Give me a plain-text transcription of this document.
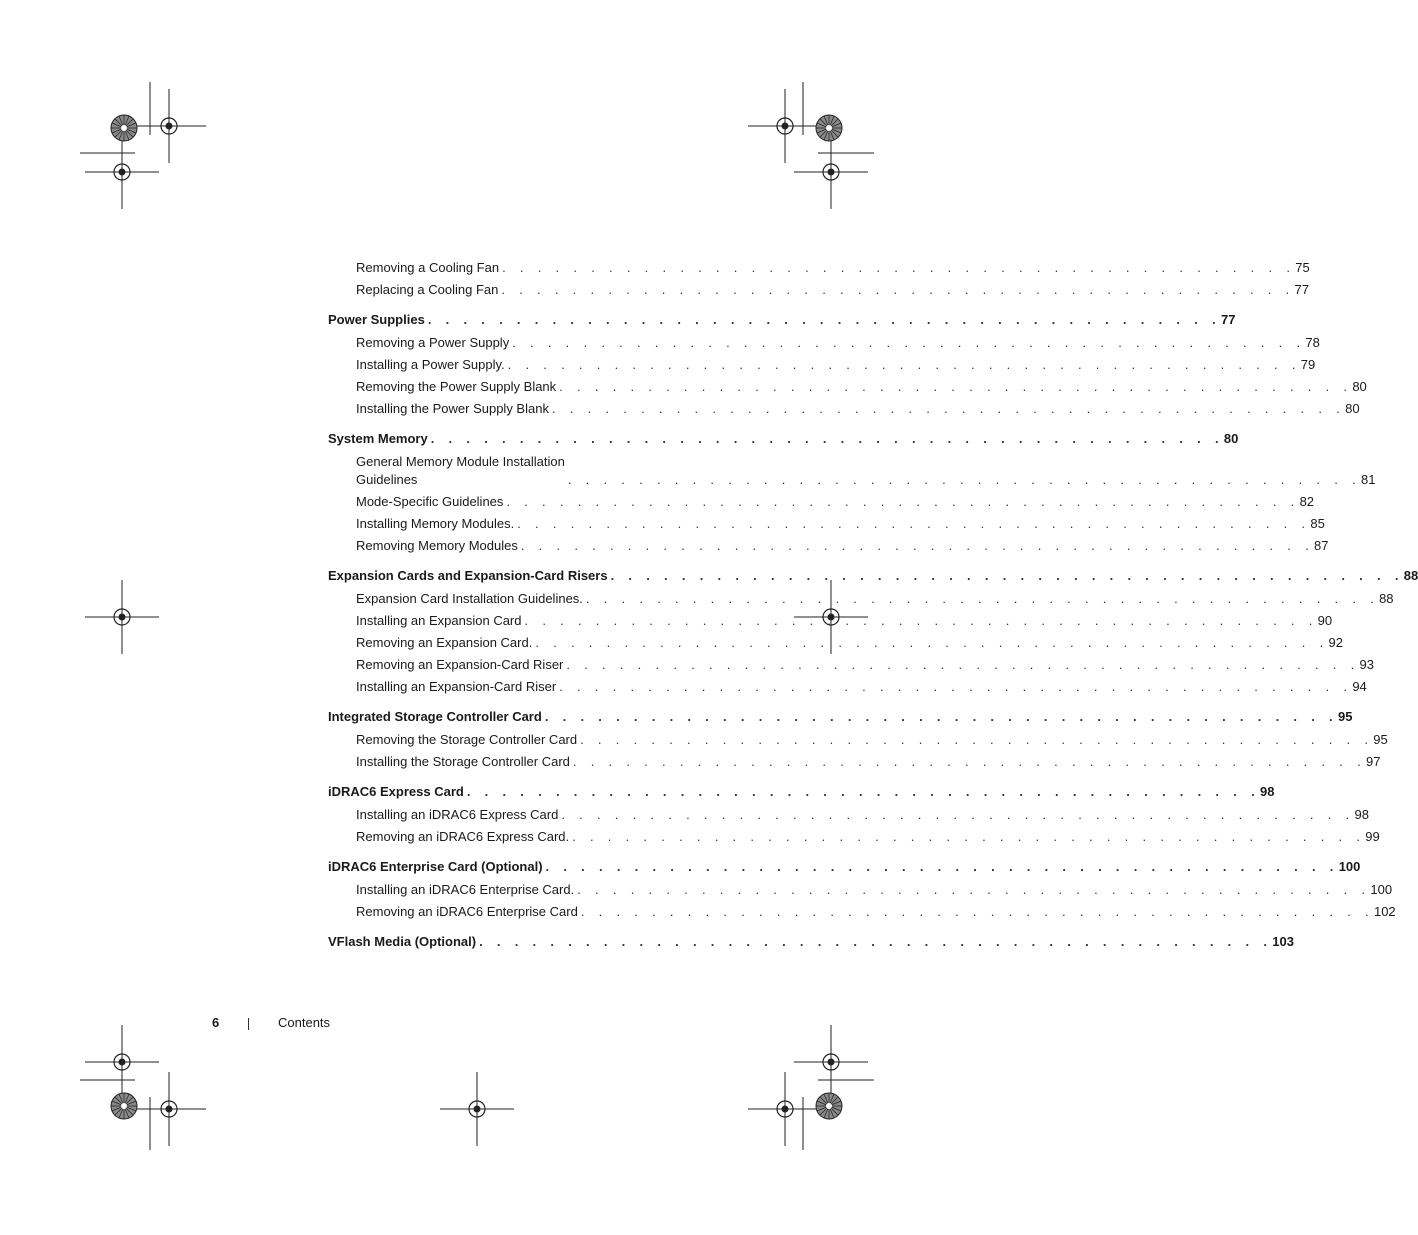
Removing a Cooling Fan . . . . . . . . . . . . . . . . . . . . . . . . . . . . . . . . . . . . . . . . . . . . . 75
Replacing a Cooling Fan . . . . . . . . . . . . . . . . . . . . . . . . . . . . . . . . . . . . . . . . . . . . . 77
Power Supplies . . . . . . . . . . . . . . . . . . . . . . . . . . . . . . . . . . . . . . . . . . . . . 77
Removing a Power Supply . . . . . . . . . . . . . . . . . . . . . . . . . . . . . . . . . . . . . . . . . . . . . 78
Installing a Power Supply. . . . . . . . . . . . . . . . . . . . . . . . . . . . . . . . . . . . . . . . . . . . . . 79
Removing the Power Supply Blank . . . . . . . . . . . . . . . . . . . . . . . . . . . . . . . . . . . . . . . . . . . . . 80
Installing the Power Supply Blank . . . . . . . . . . . . . . . . . . . . . . . . . . . . . . . . . . . . . . . . . . . . . 80
System Memory . . . . . . . . . . . . . . . . . . . . . . . . . . . . . . . . . . . . . . . . . . . . . 80
General Memory Module Installation
Guidelines	. . . . . . . . . . . . . . . . . . . . . . . . . . . . . . . . . . . . . . . . . . . . . 81
Mode-Specific Guidelines . . . . . . . . . . . . . . . . . . . . . . . . . . . . . . . . . . . . . . . . . . . . . 82
Installing Memory Modules. . . . . . . . . . . . . . . . . . . . . . . . . . . . . . . . . . . . . . . . . . . . . . 85
Removing Memory Modules . . . . . . . . . . . . . . . . . . . . . . . . . . . . . . . . . . . . . . . . . . . . . 87
Expansion Cards and Expansion-Card Risers . . . . . . . . . . . . . . . . . . . . . . . . . . . . . . . . . . . . . . . . . . . . . 88
Expansion Card Installation Guidelines. . . . . . . . . . . . . . . . . . . . . . . . . . . . . . . . . . . . . . . . . . . . . . 88
Installing an Expansion Card . . . . . . . . . . . . . . . . . . . . . . . . . . . . . . . . . . . . . . . . . . . . . 90
Removing an Expansion Card. . . . . . . . . . . . . . . . . . . . . . . . . . . . . . . . . . . . . . . . . . . . . . 92
Removing an Expansion-Card Riser . . . . . . . . . . . . . . . . . . . . . . . . . . . . . . . . . . . . . . . . . . . . . 93
Installing an Expansion-Card Riser . . . . . . . . . . . . . . . . . . . . . . . . . . . . . . . . . . . . . . . . . . . . . 94
Integrated Storage Controller Card . . . . . . . . . . . . . . . . . . . . . . . . . . . . . . . . . . . . . . . . . . . . . 95
Removing the Storage Controller Card . . . . . . . . . . . . . . . . . . . . . . . . . . . . . . . . . . . . . . . . . . . . . 95
Installing the Storage Controller Card . . . . . . . . . . . . . . . . . . . . . . . . . . . . . . . . . . . . . . . . . . . . . 97
iDRAC6 Express Card . . . . . . . . . . . . . . . . . . . . . . . . . . . . . . . . . . . . . . . . . . . . . 98
Installing an iDRAC6 Express Card . . . . . . . . . . . . . . . . . . . . . . . . . . . . . . . . . . . . . . . . . . . . . 98
Removing an iDRAC6 Express Card. . . . . . . . . . . . . . . . . . . . . . . . . . . . . . . . . . . . . . . . . . . . . . 99
iDRAC6 Enterprise Card (Optional) . . . . . . . . . . . . . . . . . . . . . . . . . . . . . . . . . . . . . . . . . . . . . 100
Installing an iDRAC6 Enterprise Card. . . . . . . . . . . . . . . . . . . . . . . . . . . . . . . . . . . . . . . . . . . . . . 100
Removing an iDRAC6 Enterprise Card . . . . . . . . . . . . . . . . . . . . . . . . . . . . . . . . . . . . . . . . . . . . . 102
VFlash Media (Optional) . . . . . . . . . . . . . . . . . . . . . . . . . . . . . . . . . . . . . . . . . . . . . 103
6	Contents
